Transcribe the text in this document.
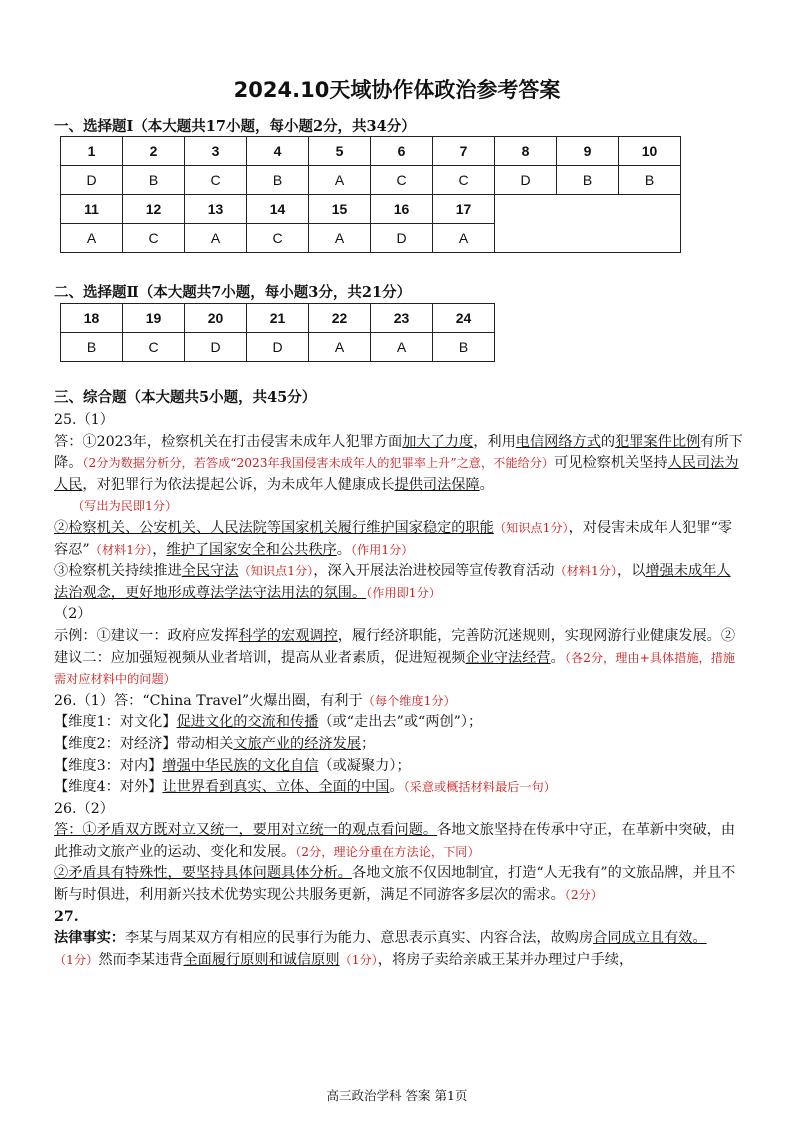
2024.10天域协作体政治参考答案
一、选择题Ⅰ（本大题共17小题，每小题2分，共34分）
1	2	3	4	5	6	7	8	9	10
D	B	C	B	A	C	C	D	B	B
11	12	13	14	15	16	17			
A	C	A	C	A	D	A			
二、选择题Ⅱ（本大题共7小题，每小题3分，共21分）
18	19	20	21	22	23	24
B	C	D	D	A	A	B
三、综合题（本大题共5小题，共45分）

25.（1）

答：①2023年，检察机关在打击侵害未成年人犯罪方面加大了力度，利用电信网络方式的犯罪案件比例有所下降。（2分为数据分析分，若答成“2023年我国侵害未成年人的犯罪率上升”之意，不能给分）可见检察机关坚持人民司法为人民，对犯罪行为依法提起公诉，为未成年人健康成长提供司法保障。
（写出为民即1分）

②检察机关、公安机关、人民法院等国家机关履行维护国家稳定的职能（知识点1分），对侵害未成年人犯罪“零容忍”（材料1分），维护了国家安全和公共秩序。（作用1分）

③检察机关持续推进全民守法（知识点1分），深入开展法治进校园等宣传教育活动（材料1分），以增强未成年人法治观念，更好地形成尊法学法守法用法的氛围。（作用即1分）

（2）

示例：①建议一：政府应发挥科学的宏观调控，履行经济职能，完善防沉迷规则，实现网游行业健康发展。②建议二：应加强短视频从业者培训，提高从业者素质，促进短视频企业守法经营。（各2分，理由+具体措施，措施需对应材料中的问题）

26.（1）答：“China Travel”火爆出圈，有利于（每个维度1分）

【维度1：对文化】促进文化的交流和传播（或“走出去”或“两创”）；

【维度2：对经济】带动相关文旅产业的经济发展；

【维度3：对内】增强中华民族的文化自信（或凝聚力）；

【维度4：对外】让世界看到真实、立体、全面的中国。（采意或概括材料最后一句）

26.（2）

答：①矛盾双方既对立又统一，要用对立统一的观点看问题。各地文旅坚持在传承中守正，在革新中突破，由此推动文旅产业的运动、变化和发展。（2分，理论分重在方法论，下同）

②矛盾具有特殊性，要坚持具体问题具体分析。各地文旅不仅因地制宜，打造“人无我有”的文旅品牌，并且不断与时俱进，利用新兴技术优势实现公共服务更新，满足不同游客多层次的需求。（2分）

27.

法律事实：李某与周某双方有相应的民事行为能力、意思表示真实、内容合法，故购房合同成立且有效。（1分）然而李某违背全面履行原则和诚信原则（1分），将房子卖给亲戚王某并办理过户手续，

高三政治学科 答案 第1页
